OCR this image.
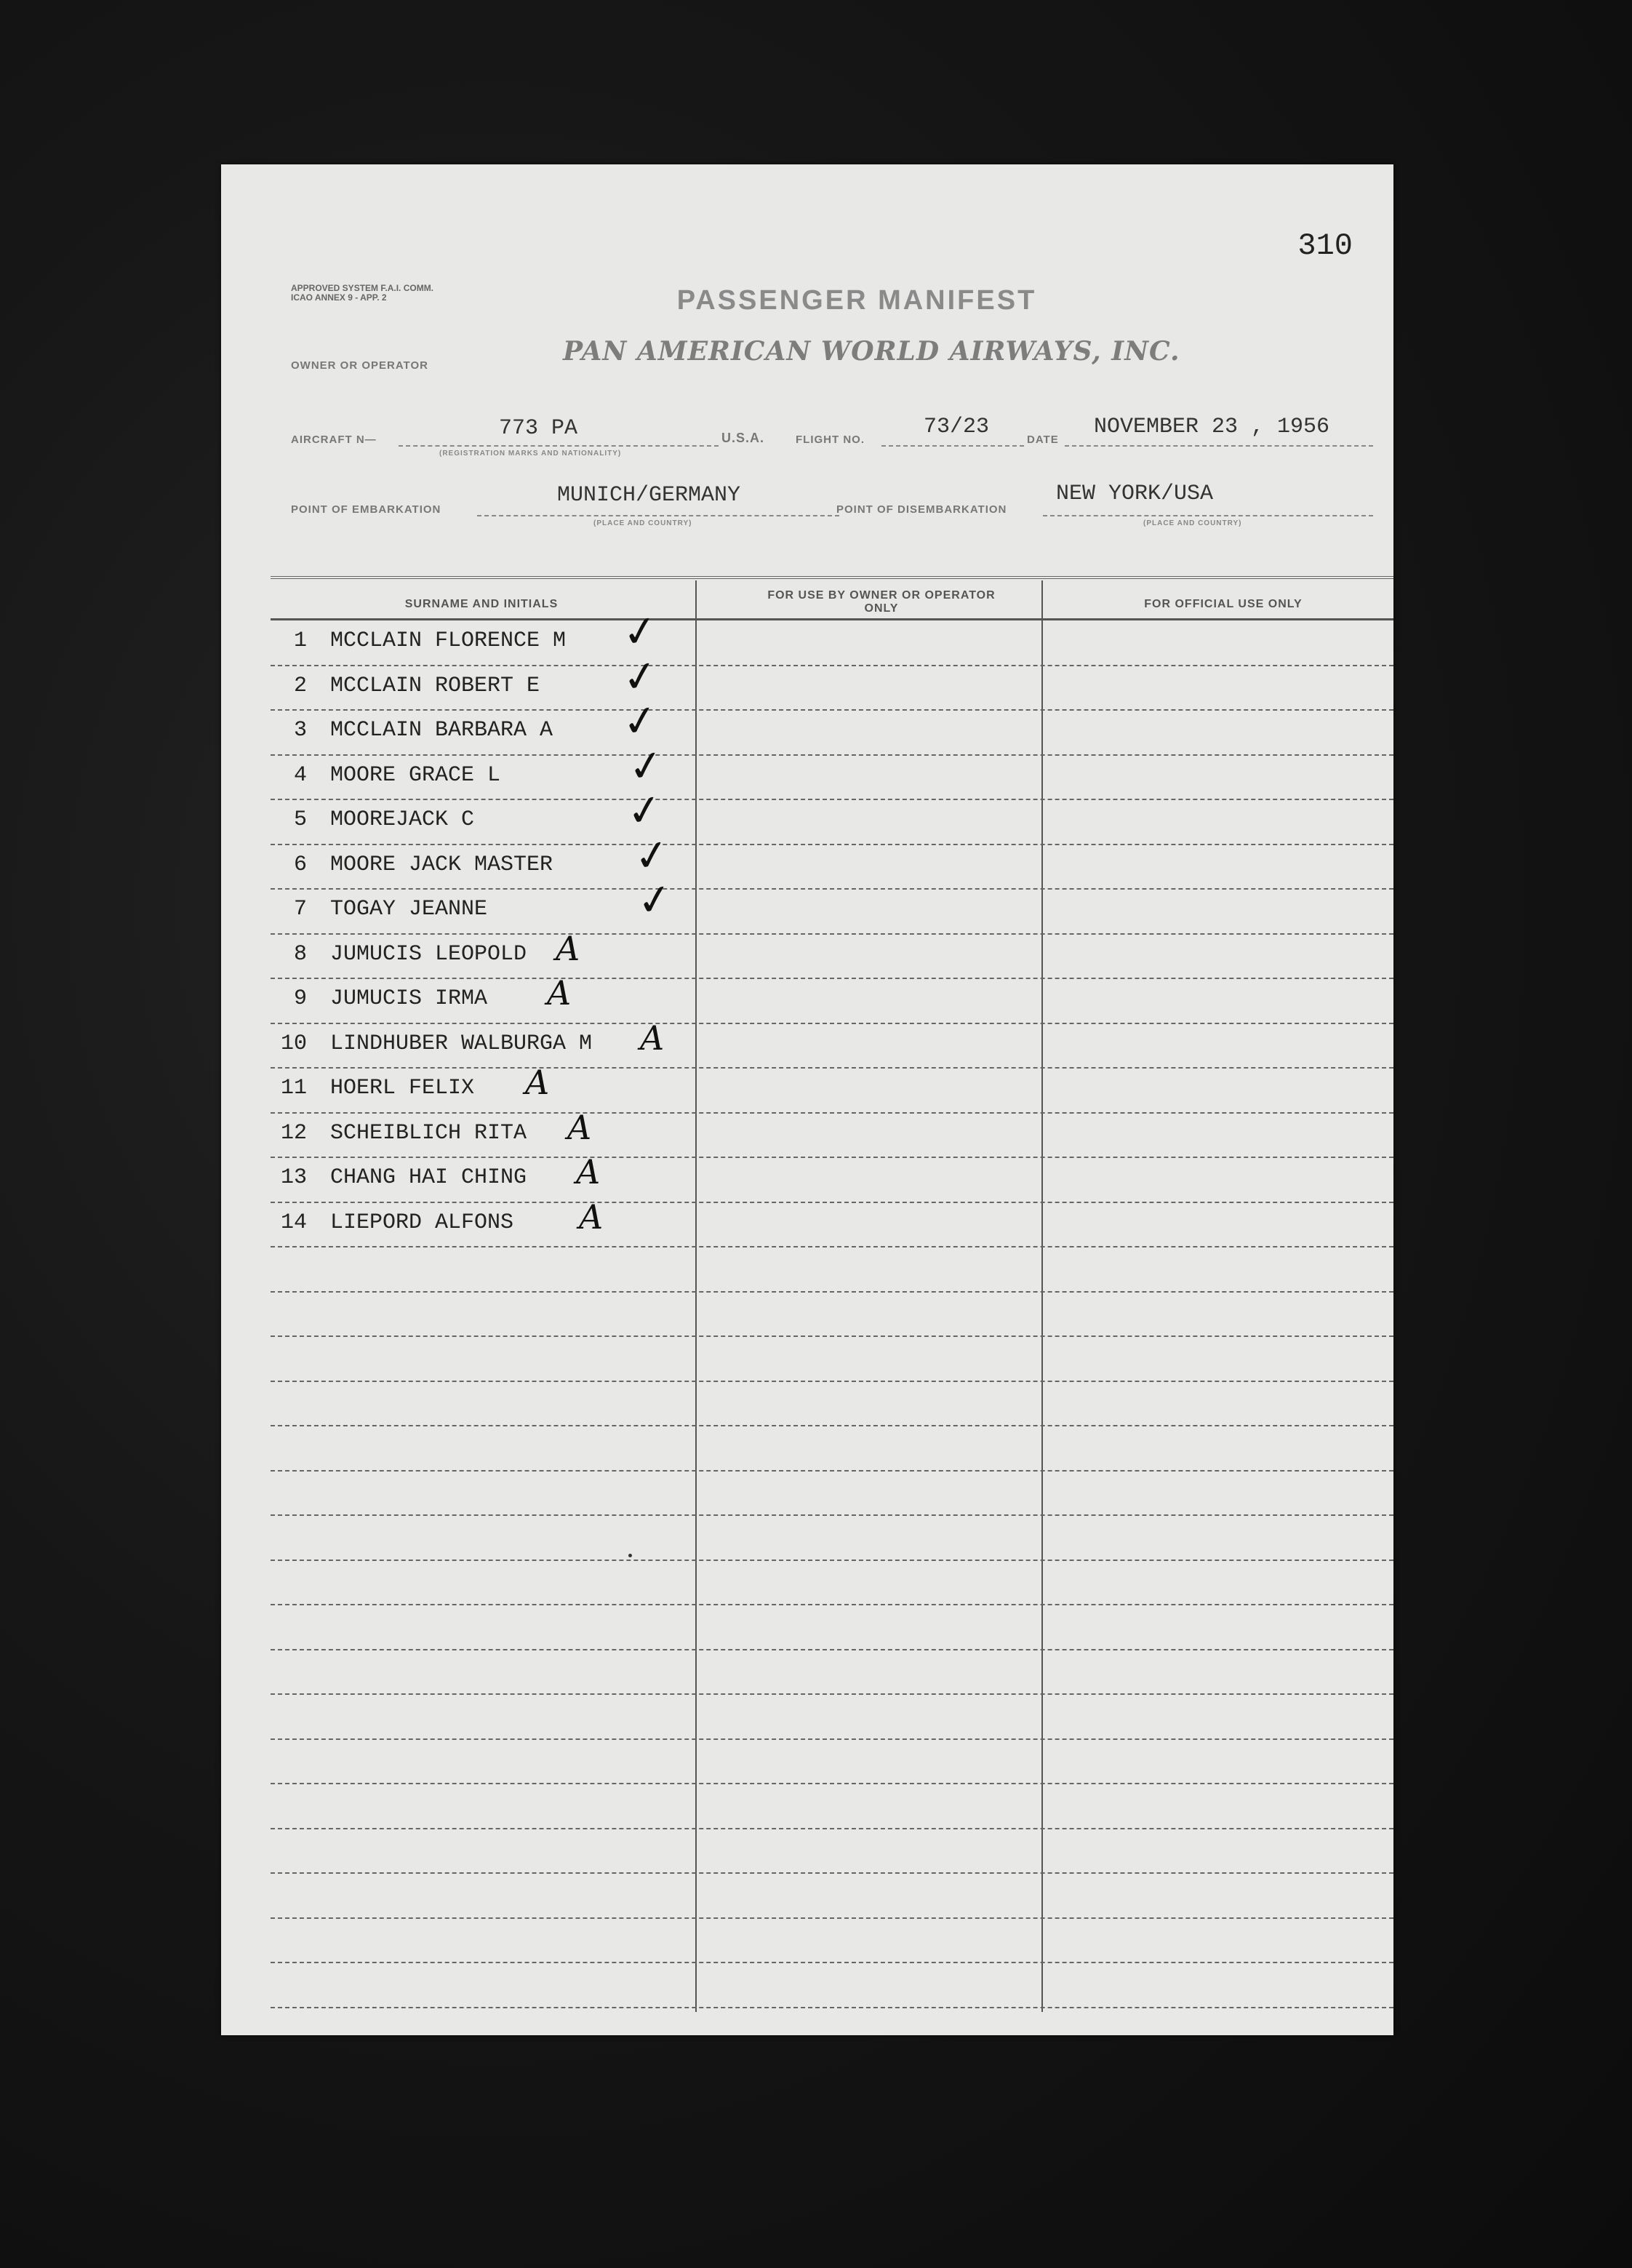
310
APPROVED SYSTEM F.A.I. COMM. ICAO ANNEX 9 - APP. 2	PASSENGER MANIFEST
OWNER OR OPERATOR	PAN AMERICAN WORLD AIRWAYS, INC.
AIRCRAFT N—	773 PA
(REGISTRATION MARKS AND NATIONALITY)
U.S.A.	FLIGHT NO.
73/23
DATE
NOVEMBER 23 , 1956
POINT OF EMBARKATION
MUNICH/GERMANY
(PLACE AND COUNTRY)
POINT OF DISEMBARKATION
NEW YORK/USA
(PLACE AND COUNTRY)
SURNAME AND INITIALS
FOR USE BY OWNER OR OPERATOR ONLY	FOR OFFICIAL USE ONLY
1 MCCLAIN FLORENCE M ✓
2 MCCLAIN ROBERT E ✓
3 MCCLAIN BARBARA A ✓
4 MOORE GRACE L	✓
5 MOOREJACK C	✓
6 MOORE JACK MASTER ✓
7 TOGAY JEANNE	✓
8 JUMUCIS LEOPOLD A
9 JUMUCIS IRMA A
10 LINDHUBER WALBURGA M A
11 HOERL FELIX A
12 SCHEIBLICH RITA A
13 CHANG HAI CHING A
14 LIEPORD ALFONS A
